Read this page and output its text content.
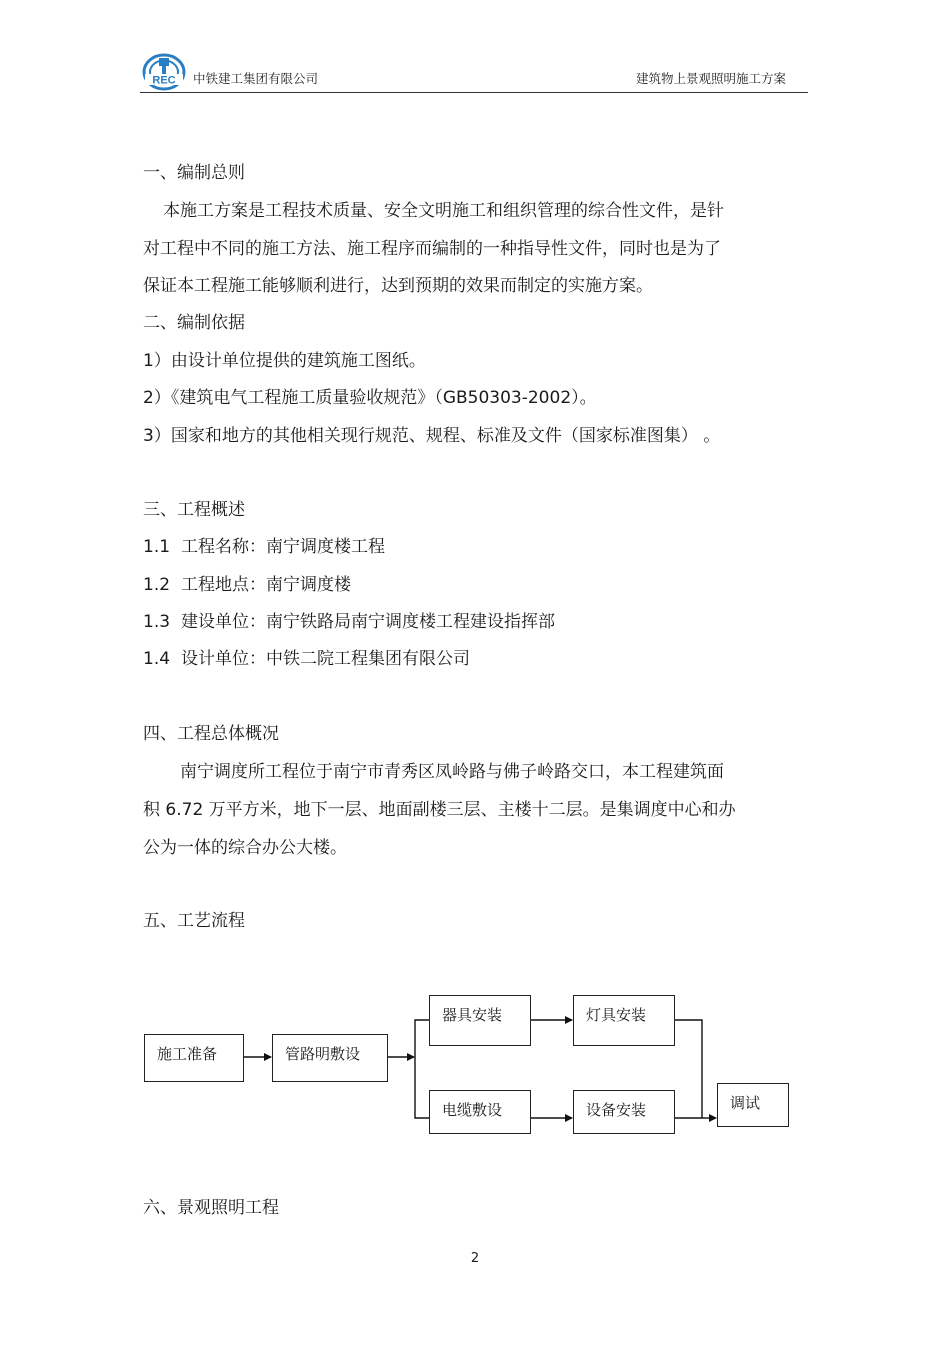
REC 中铁建工集团有限公司	建筑物上景观照明施工方案
一、编制总则
本施工方案是工程技术质量、安全文明施工和组织管理的综合性文件，是针
对工程中不同的施工方法、施工程序而编制的一种指导性文件，同时也是为了
保证本工程施工能够顺利进行，达到预期的效果而制定的实施方案。
二、编制依据
1）由设计单位提供的建筑施工图纸。
2）《建筑电气工程施工质量验收规范》（GB50303-2002）。
3）国家和地方的其他相关现行规范、规程、标准及文件（国家标准图集） 。
三、工程概述
1.1 工程名称：南宁调度楼工程
1.2 工程地点：南宁调度楼
1.3 建设单位：南宁铁路局南宁调度楼工程建设指挥部
1.4 设计单位：中铁二院工程集团有限公司
四、工程总体概况
南宁调度所工程位于南宁市青秀区凤岭路与佛子岭路交口，本工程建筑面
积 6.72 万平方米，地下一层、地面副楼三层、主楼十二层。是集调度中心和办
公为一体的综合办公大楼。
五、工艺流程
施工准备	管路明敷设
器具安装	灯具安装
电缆敷设	设备安装	调试
六、景观照明工程
2
